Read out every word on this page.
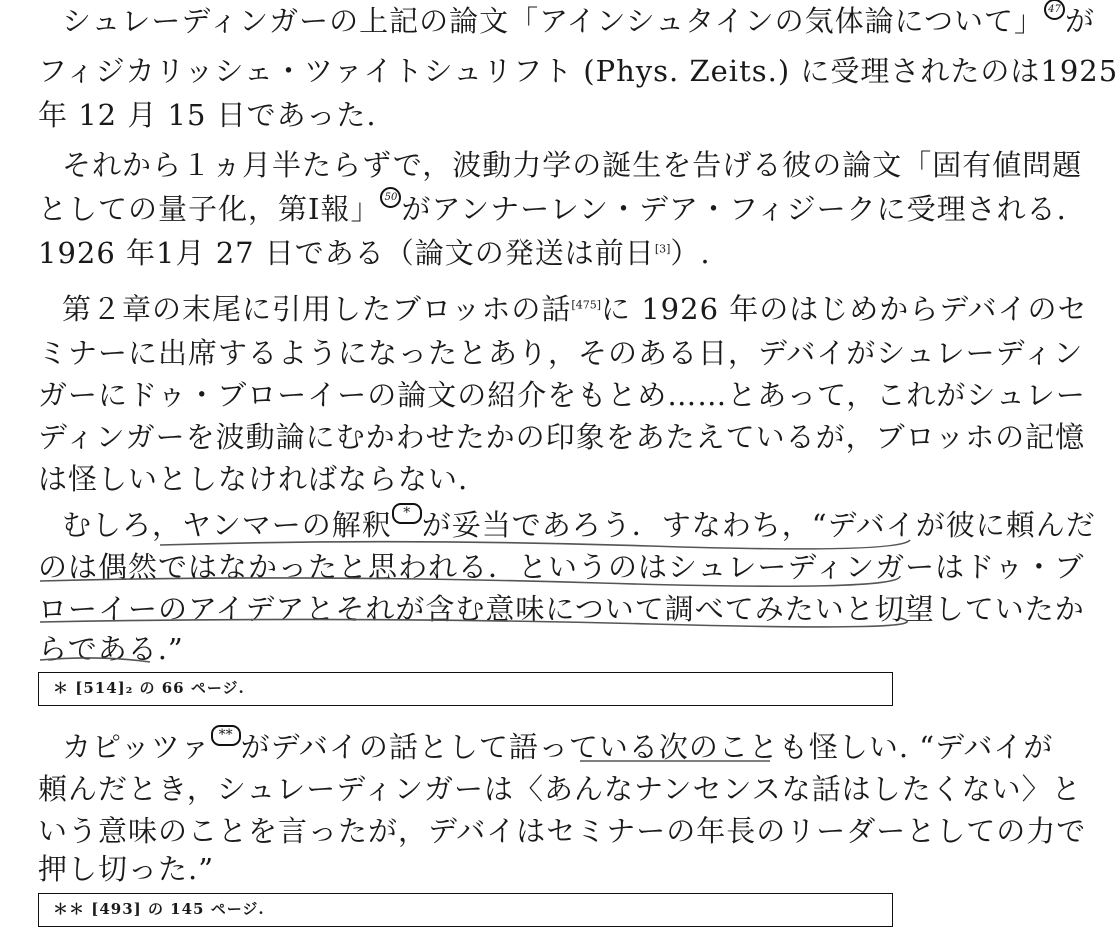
シュレーディンガーの上記の論文「アインシュタインの気体論について」 47 が
フィジカリッシェ・ツァイトシュリフト (Phys. Zeits.) に受理されたのは1925
年 12 月 15 日であった.
それから１ヵ月半たらずで，波動力学の誕生を告げる彼の論文「固有値問題
としての量子化，第Ⅰ報」 50 がアンナーレン・デア・フィジークに受理される.
1926 年1月 27 日である（論文の発送は前日[3]）.
第２章の末尾に引用したブロッホの話[475]に 1926 年のはじめからデバイのセ
ミナーに出席するようになったとあり，そのある日，デバイがシュレーディン
ガーにドゥ・ブローイーの論文の紹介をもとめ……とあって，これがシュレー
ディンガーを波動論にむかわせたかの印象をあたえているが，ブロッホの記憶
は怪しいとしなければならない.
むしろ，ヤンマーの解釈 * が妥当であろう．すなわち，“デバイが彼に頼んだ
のは偶然ではなかったと思われる．というのはシュレーディンガーはドゥ・ブ
ローイーのアイデアとそれが含む意味について調べてみたいと切望していたか
らである.”
＊ [514]₂ の 66 ページ.
カピッツァ ** がデバイの話として語っている次のことも怪しい. “デバイが
頼んだとき，シュレーディンガーは〈あんなナンセンスな話はしたくない〉と
いう意味のことを言ったが，デバイはセミナーの年長のリーダーとしての力で
押し切った.”
＊＊ [493] の 145 ページ.
